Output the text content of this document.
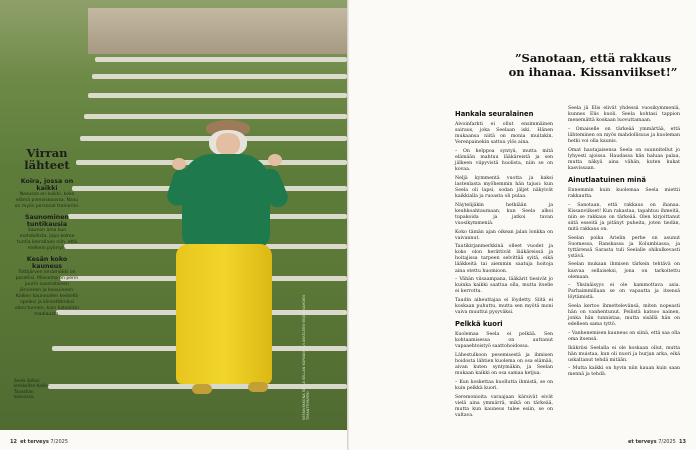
Virran lähteet
Koira, jossa on kaikki

Nasussa on kaikki, koko elämä pienoiskoossa. Nasu on myös personal trainerini.

Saunominen tuntikausia

Saunon aina kun mahdollista, jopa kolme tuntia kerrallaan niin, että melkein pyörryn.

Kesän koko kauneus

Tottijärven kesämökki on paratiisi. Maisema on perin juurin suomalainen järvineen ja koivuineen. Kaiken kauneuden keskellä ripeiksi ja kiireettömiksi oloni tunnen, kuin katselisin maalausta.

Seela Sellan lenkkeilee Kallio-Tavastian koivuissa.	KESKIVIIKKONA SEELA SELLAN KORVAN KIVI ASKELEEN VIIDEN KAHDEN TIMANTTIPAPERI
12 et terveys 7/2025
”Sanotaan, että rakkaus on ihanaa. Kissanviikset!”
Hankala seuralainen

Aivoinfarkti ei ollut ensimmäinen sairaus, joka Seelaan iski. Hänen mukaansa niitä on monia muitakin. Verenpainekin sattuu ylös aina.

– On helppoa syntyä, mutta mitä elämään mahtuu lääkäreistä ja sen jälkeen viipyvistä huolista, niin se on kovaa.

Neljä kymmentä vuotta ja kaksi lastenlasta myöhemmin hän tajusi: kun Seela oli lapsi, sodan jäljet näkyivät kaikkialla ja ruoasta oli pulaa.

Näytelijäkin hetkiään ja keuhkoahtaumaan, kun Seela alkoi tupakoida ja jatkoi tavan vuosikymmeniä.

Koko tämän ajan oikean jalan lonkka on vaivannut.

Tautikirjanmerkkinä olleet vuodet ja koko olon herättivät lääkäreissä ja hoitajissa tarpeen selvittää syitä, eikä lääkkeitä tai aiemmin saatuja hoitoja aina otettu huomioon.

– Vähän viisaampana, lääkärit tiesivät jo kuinka kaikki saattaa olla, mutta itselle ei kerrottu.

Taudin aiheuttajaa ei löydetty. Siitä ei koskaan puhuttu, mutta sen myötä moni vaiva muuttui pysyväksi.

Pelkkä kuori

Kuolemaa Seela ei pelkää. Sen kohtaamisessa on auttanut vapaaehtoistyö saattohoidossa.

Lähestulkoon pesemisestä ja ihmisen hoidosta lähtien kuolema on osa elämää, aivan kuten syntymäkin, ja Seelan mukaan kaikki on osa samaa ketjua.

– Kun koskettaa kuollutta ihmistä, se on kuin pelkkä kuori.

Seremonioita varaajaan kärsivät eivät vielä aina ymmärrä, mikä on tärkeää, mutta kun kauneus tulee esiin, se on valtava.

Seela jä Elis elivät yhdessä vuosikymmeniä, kunnes Elis kuoli. Seela kohtasi tappion menemättä koskaan luovuttamaan.

– Omaiselle on tärkeää ymmärtää, että lähteminen on myös mahdollisuus ja kuoleman hetki voi olla kaunis.

Omat hautajaisensa Seela on suunnitellut jo lyhyesti ajoissa. Haudassa hän haluaa palaa, mutta näkyä aina vähän, kuten kukat kasvissaan.

Ainutlaatuinen minä

Ennemmin kuin kuolemaa Seela miettii rakkautta.

– Sanotaan, että rakkaus on ihanaa. Kissanviikset! Kun rakastaa, tapahtuu ihmeitä, niin se rakkaus on tärkeää. Olen kirjoittanut siitä esseitä ja pitänyt puheita, joten tiedän, mitä rakkaus on.

Seelan poika Arielin perhe on asunut Suomessa, Ranskassa ja Kolumbiassa, ja tyttärensä Sarasta tuli Seelalle ohikulkevasti ystävä.

Seelan mukaan ihmisen tärkein tehtävä on kasvaa sellaiseksi, jona on tarkoitettu olemaan.

– Yksinäisyys ei ole kammottava asia. Parhaimmillaan se on vapautta ja itsensä löytämistä.

Seela kertoo ihmettelevänsä, miten nopeasti hän on vanhentunut. Peilistä katsoo nainen, jonka hän tunnistaa, mutta sisällä hän on edelleen sama tyttö.

– Vanhenemisen kauneus on siinä, että saa olla oma itsensä.

Ikäkriisi Seelalla ei ole koskaan ollut, mutta hän muistaa, kun oli nuori ja hurjan arka, eikä uskaltanut tehdä mitään.

– Mutta kaikki on hyvin niin kauan kuin saan mennä ja tehdä.

et terveys 7/2025 13
